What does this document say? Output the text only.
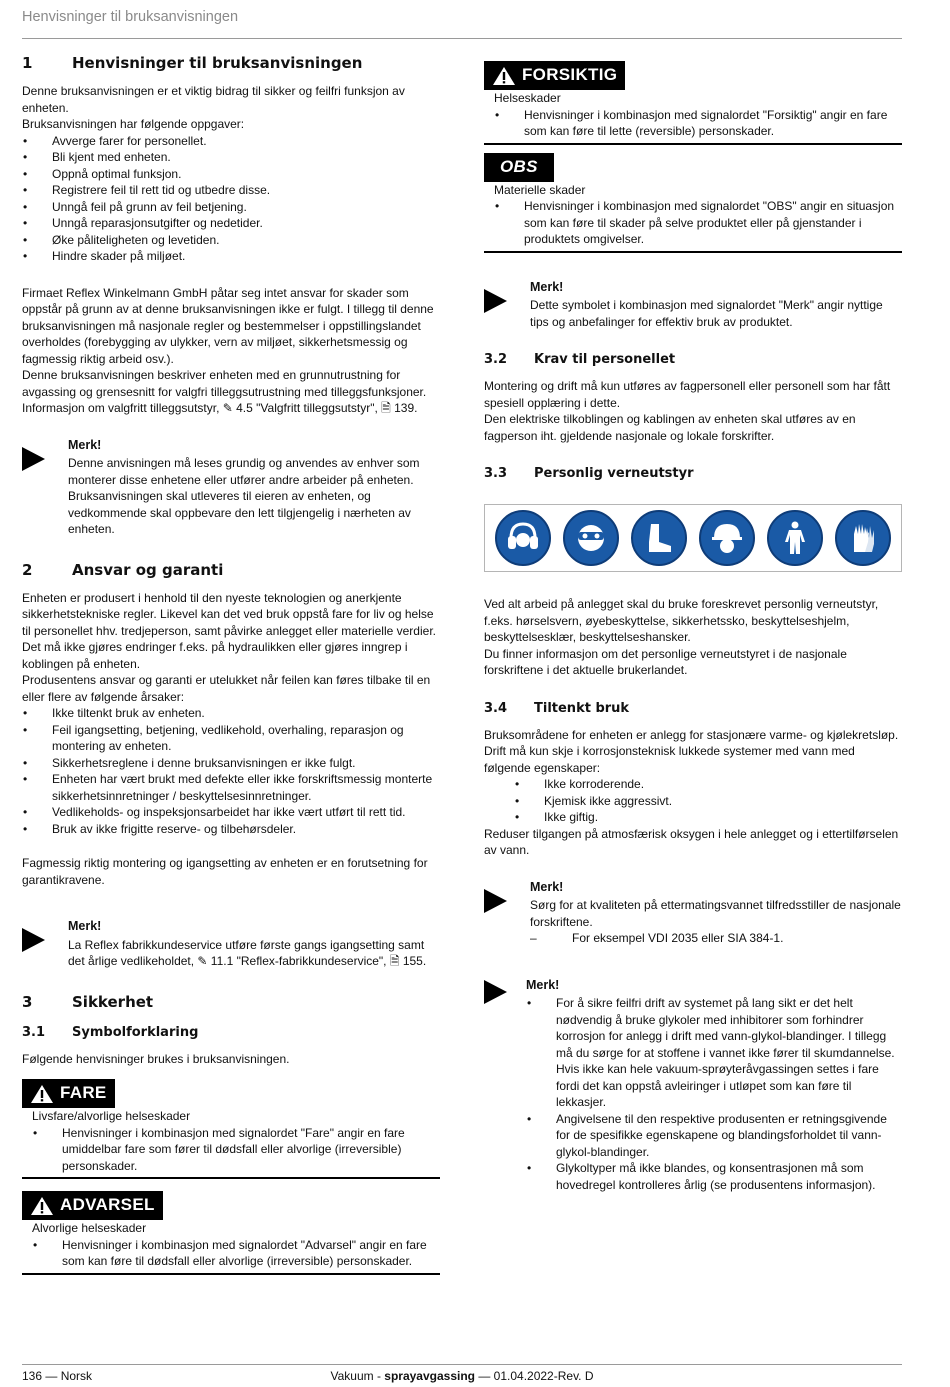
Henvisninger til bruksanvisningen
1	Henvisninger til bruksanvisningen

Denne bruksanvisningen er et viktig bidrag til sikker og feilfri funksjon av enheten.

Bruksanvisningen har følgende oppgaver:

• Avverge farer for personellet.
• Bli kjent med enheten.
• Oppnå optimal funksjon.
• Registrere feil til rett tid og utbedre disse.
• Unngå feil på grunn av feil betjening.
• Unngå reparasjonsutgifter og nedetider.
• Øke påliteligheten og levetiden.
• Hindre skader på miljøet.

Firmaet Reflex Winkelmann GmbH påtar seg intet ansvar for skader som oppstår på grunn av at denne bruksanvisningen ikke er fulgt. I tillegg til denne bruksanvisningen må nasjonale regler og bestemmelser i oppstillingslandet overholdes (forebygging av ulykker, vern av miljøet, sikkerhetsmessig og fagmessig riktig arbeid osv.).

Denne bruksanvisningen beskriver enheten med en grunnutrustning for avgassing og grensesnitt for valgfri tilleggsutrustning med tilleggsfunksjoner. Informasjon om valgfritt tilleggsutstyr, ✎ 4.5 "Valgfritt tilleggsutstyr", 🗎 139.

Merk!

Denne anvisningen må leses grundig og anvendes av enhver som monterer disse enhetene eller utfører andre arbeider på enheten. Bruksanvisningen skal utleveres til eieren av enheten, og vedkommende skal oppbevare den lett tilgjengelig i nærheten av enheten.

2	Ansvar og garanti

Enheten er produsert i henhold til den nyeste teknologien og anerkjente sikkerhetstekniske regler. Likevel kan det ved bruk oppstå fare for liv og helse til personellet hhv. tredjeperson, samt påvirke anlegget eller materielle verdier.

Det må ikke gjøres endringer f.eks. på hydraulikken eller gjøres inngrep i koblingen på enheten.

Produsentens ansvar og garanti er utelukket når feilen kan føres tilbake til en eller flere av følgende årsaker:

• Ikke tiltenkt bruk av enheten.
• Feil igangsetting, betjening, vedlikehold, overhaling, reparasjon og montering av enheten.
• Sikkerhetsreglene i denne bruksanvisningen er ikke fulgt.
• Enheten har vært brukt med defekte eller ikke forskriftsmessig monterte sikkerhetsinnretninger / beskyttelsesinnretninger.
• Vedlikeholds- og inspeksjonsarbeidet har ikke vært utført til rett tid.
• Bruk av ikke frigitte reserve- og tilbehørsdeler.

Fagmessig riktig montering og igangsetting av enheten er en forutsetning for garantikravene.

Merk!

La Reflex fabrikkundeservice utføre første gangs igangsetting samt det årlige vedlikeholdet, ✎ 11.1 "Reflex-fabrikkundeservice", 🗎 155.

3	Sikkerhet
3.1	Symbolforklaring

Følgende henvisninger brukes i bruksanvisningen.

FARE
Livsfare/alvorlige helseskader
• Henvisninger i kombinasjon med signalordet "Fare" angir en fare umiddelbar fare som fører til dødsfall eller alvorlige (irreversible) personskader.
ADVARSEL
Alvorlige helseskader
• Henvisninger i kombinasjon med signalordet "Advarsel" angir en fare som kan føre til dødsfall eller alvorlige (irreversible) personskader.
FORSIKTIG
Helseskader
• Henvisninger i kombinasjon med signalordet "Forsiktig" angir en fare som kan føre til lette (reversible) personskader.
OBS
Materielle skader
• Henvisninger i kombinasjon med signalordet "OBS" angir en situasjon som kan føre til skader på selve produktet eller på gjenstander i produktets omgivelser.
Merk!

Dette symbolet i kombinasjon med signalordet "Merk" angir nyttige tips og anbefalinger for effektiv bruk av produktet.

3.2	Krav til personellet

Montering og drift må kun utføres av fagpersonell eller personell som har fått spesiell opplæring i dette.

Den elektriske tilkoblingen og kablingen av enheten skal utføres av en fagperson iht. gjeldende nasjonale og lokale forskrifter.

3.3	Personlig verneutstyr

Ved alt arbeid på anlegget skal du bruke foreskrevet personlig verneutstyr, f.eks. hørselsvern, øyebeskyttelse, sikkerhetssko, beskyttelseshjelm, beskyttelsesklær, beskyttelseshansker.

Du finner informasjon om det personlige verneutstyret i de nasjonale forskriftene i det aktuelle brukerlandet.

3.4	Tiltenkt bruk

Bruksområdene for enheten er anlegg for stasjonære varme- og kjølekretsløp.

Drift må kun skje i korrosjonsteknisk lukkede systemer med vann med følgende egenskaper:

• Ikke korroderende.
• Kjemisk ikke aggressivt.
• Ikke giftig.

Reduser tilgangen på atmosfærisk oksygen i hele anlegget og i ettertilførselen av vann.

Merk!

Sørg for at kvaliteten på ettermatingsvannet tilfredsstiller de nasjonale forskriftene.

– For eksempel VDI 2035 eller SIA 384-1.
Merk!
• For å sikre feilfri drift av systemet på lang sikt er det helt nødvendig å bruke glykoler med inhibitorer som forhindrer korrosjon for anlegg i drift med vann-glykol-blandinger. I tillegg må du sørge for at stoffene i vannet ikke fører til skumdannelse. Hvis ikke kan hele vakuum-sprøyteråvgassingen settes i fare fordi det kan oppstå avleiringer i utløpet som kan føre til lekkasjer.
• Angivelsene til den respektive produsenten er retningsgivende for de spesifikke egenskapene og blandingsforholdet til vann-glykol-blandinger.
• Glykoltyper må ikke blandes, og konsentrasjonen må som hovedregel kontrolleres årlig (se produsentens informasjon).
136 — Norsk	Vakuum - sprayavgassing — 01.04.2022-Rev. D
